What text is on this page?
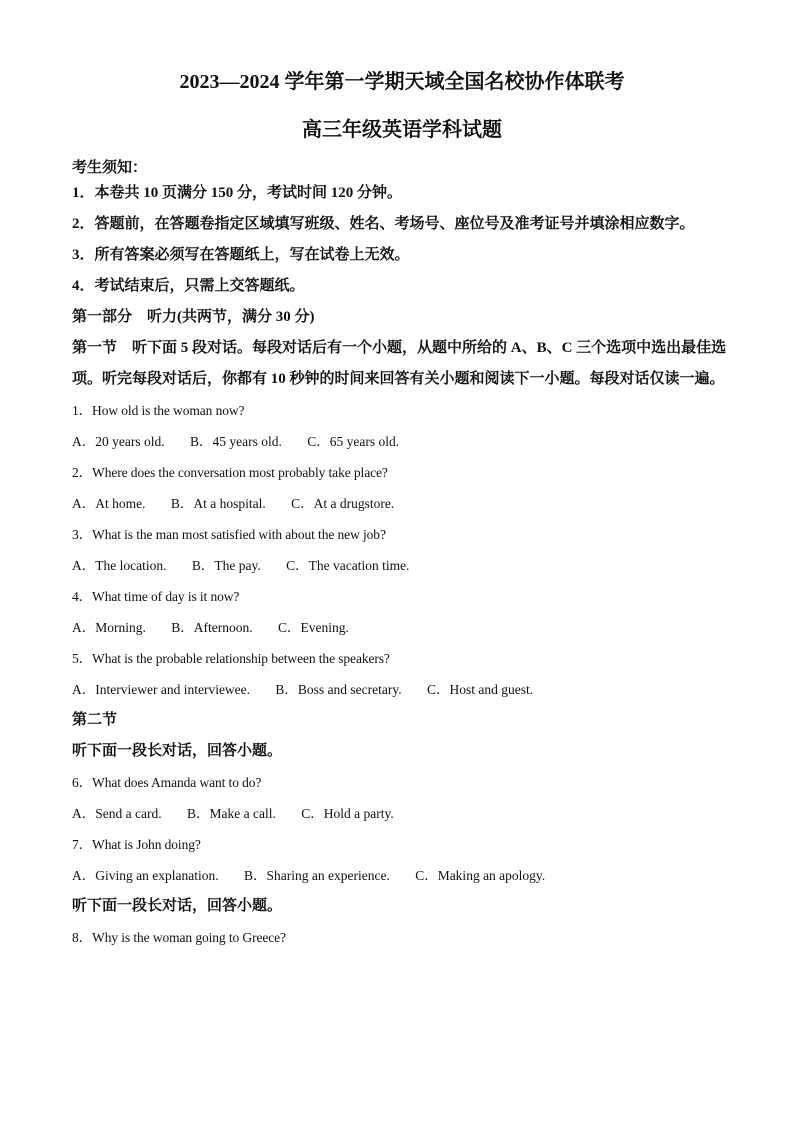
2023—2024 学年第一学期天域全国名校协作体联考

高三年级英语学科试题

考生须知：

1．本卷共 10 页满分 150 分，考试时间 120 分钟。

2．答题前，在答题卷指定区域填写班级、姓名、考场号、座位号及准考证号并填涂相应数字。

3．所有答案必须写在答题纸上，写在试卷上无效。

4．考试结束后，只需上交答题纸。

第一部分　听力(共两节，满分 30 分)

第一节　听下面 5 段对话。每段对话后有一个小题，从题中所给的 A、B、C 三个选项中选出最佳选项。听完每段对话后，你都有 10 秒钟的时间来回答有关小题和阅读下一小题。每段对话仅读一遍。

1．How old is the woman now?

A．20 years old. B．45 years old. C．65 years old.

2．Where does the conversation most probably take place?

A．At home. B．At a hospital. C．At a drugstore.

3．What is the man most satisfied with about the new job?

A．The location. B．The pay. C．The vacation time.

4．What time of day is it now?

A．Morning. B．Afternoon. C．Evening.

5．What is the probable relationship between the speakers?

A．Interviewer and interviewee. B．Boss and secretary. C．Host and guest.

第二节

听下面一段长对话，回答小题。

6．What does Amanda want to do?

A．Send a card. B．Make a call. C．Hold a party.

7．What is John doing?

A．Giving an explanation. B．Sharing an experience. C．Making an apology.

听下面一段长对话，回答小题。

8．Why is the woman going to Greece?
